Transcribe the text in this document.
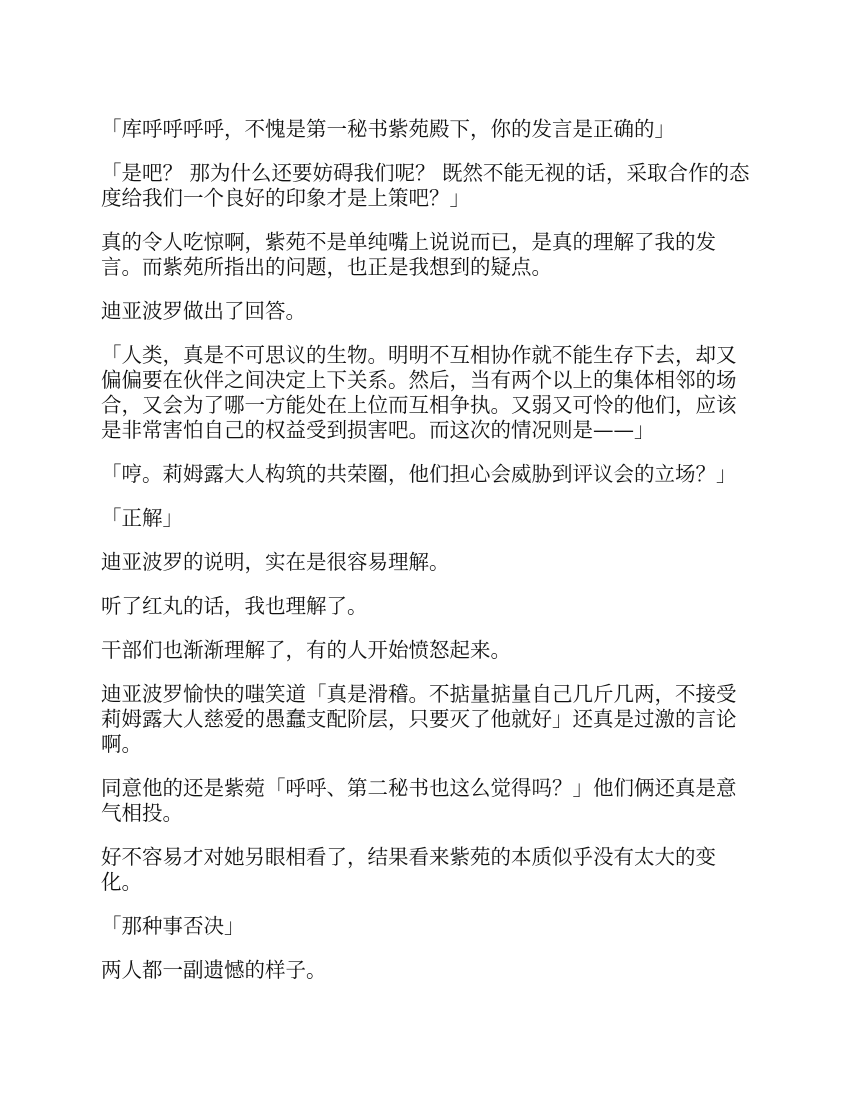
「库呼呼呼呼，不愧是第一秘书紫苑殿下，你的发言是正确的」

「是吧？ 那为什么还要妨碍我们呢？ 既然不能无视的话，采取合作的态度给我们一个良好的印象才是上策吧？」

真的令人吃惊啊，紫苑不是单纯嘴上说说而已，是真的理解了我的发言。而紫苑所指出的问题，也正是我想到的疑点。

迪亚波罗做出了回答。

「人类，真是不可思议的生物。明明不互相协作就不能生存下去，却又偏偏要在伙伴之间决定上下关系。然后，当有两个以上的集体相邻的场合，又会为了哪一方能处在上位而互相争执。又弱又可怜的他们，应该是非常害怕自己的权益受到损害吧。而这次的情况则是——」

「哼。莉姆露大人构筑的共荣圈，他们担心会威胁到评议会的立场？」

「正解」

迪亚波罗的说明，实在是很容易理解。

听了红丸的话，我也理解了。

干部们也渐渐理解了，有的人开始愤怒起来。

迪亚波罗愉快的嗤笑道「真是滑稽。不掂量掂量自己几斤几两，不接受莉姆露大人慈爱的愚蠢支配阶层，只要灭了他就好」还真是过激的言论啊。

同意他的还是紫菀「呼呼、第二秘书也这么觉得吗？」他们俩还真是意气相投。

好不容易才对她另眼相看了，结果看来紫苑的本质似乎没有太大的变化。

「那种事否决」

两人都一副遗憾的样子。
